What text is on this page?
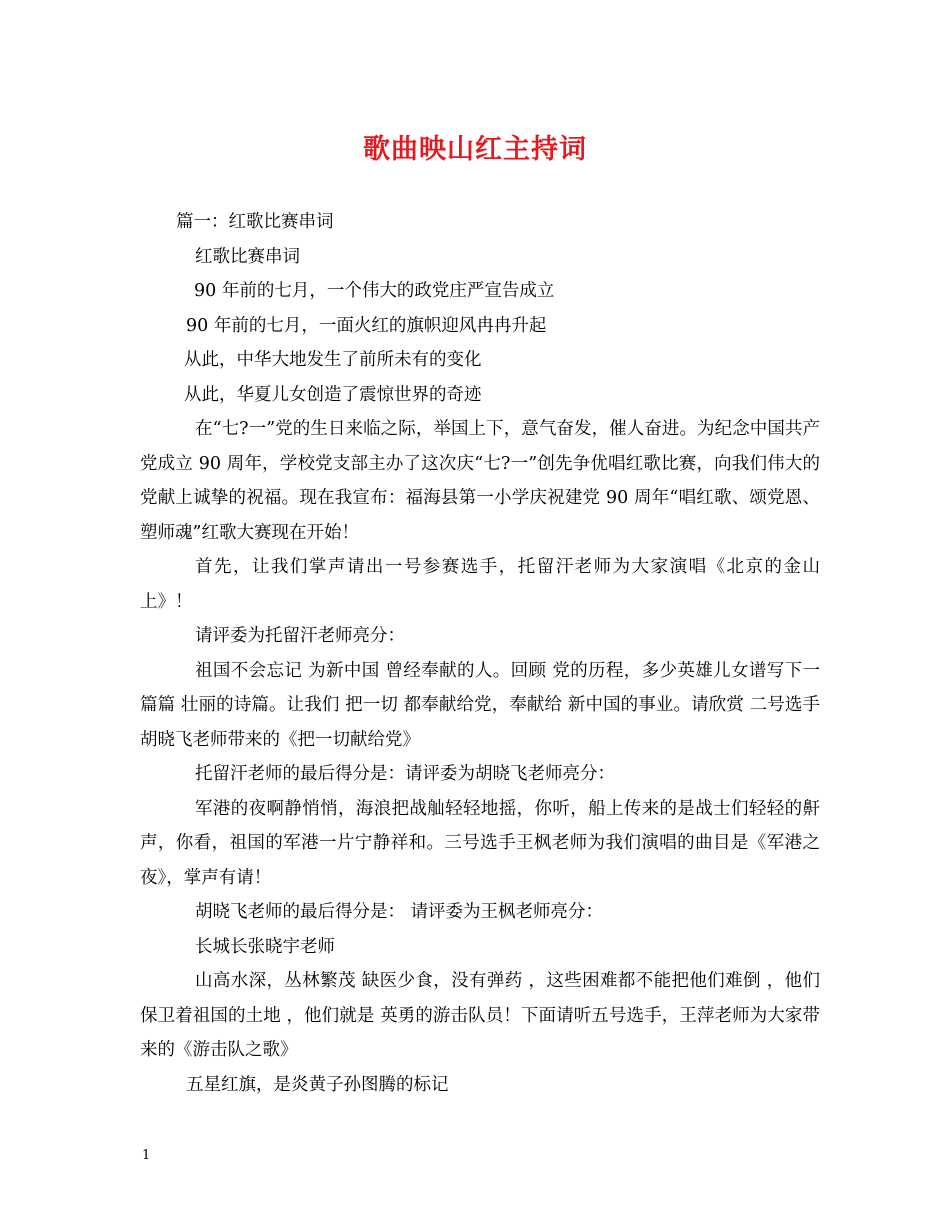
歌曲映山红主持词

篇一：红歌比赛串词

红歌比赛串词

90 年前的七月，一个伟大的政党庄严宣告成立

90 年前的七月，一面火红的旗帜迎风冉冉升起

从此，中华大地发生了前所未有的变化

从此，华夏儿女创造了震惊世界的奇迹

在“七?一”党的生日来临之际，举国上下，意气奋发，催人奋进。为纪念中国共产党成立 90 周年，学校党支部主办了这次庆“七?一”创先争优唱红歌比赛，向我们伟大的党献上诚挚的祝福。现在我宣布：福海县第一小学庆祝建党 90 周年“唱红歌、颂党恩、塑师魂”红歌大赛现在开始！

首先，让我们掌声请出一号参赛选手，托留汗老师为大家演唱《北京的金山上》！

请评委为托留汗老师亮分：

祖国不会忘记 为新中国 曾经奉献的人。回顾 党的历程，多少英雄儿女谱写下一篇篇 壮丽的诗篇。让我们 把一切 都奉献给党，奉献给 新中国的事业。请欣赏 二号选手 胡晓飞老师带来的《把一切献给党》

托留汗老师的最后得分是：请评委为胡晓飞老师亮分：

军港的夜啊静悄悄，海浪把战舢轻轻地摇，你听，船上传来的是战士们轻轻的鼾声，你看，祖国的军港一片宁静祥和。三号选手王枫老师为我们演唱的曲目是《军港之夜》，掌声有请！

胡晓飞老师的最后得分是： 请评委为王枫老师亮分：

长城长张晓宇老师

山高水深，丛林繁茂 缺医少食，没有弹药 ，这些困难都不能把他们难倒 ，他们保卫着祖国的土地 ，他们就是 英勇的游击队员！下面请听五号选手，王萍老师为大家带来的《游击队之歌》

五星红旗，是炎黄子孙图腾的标记

1
